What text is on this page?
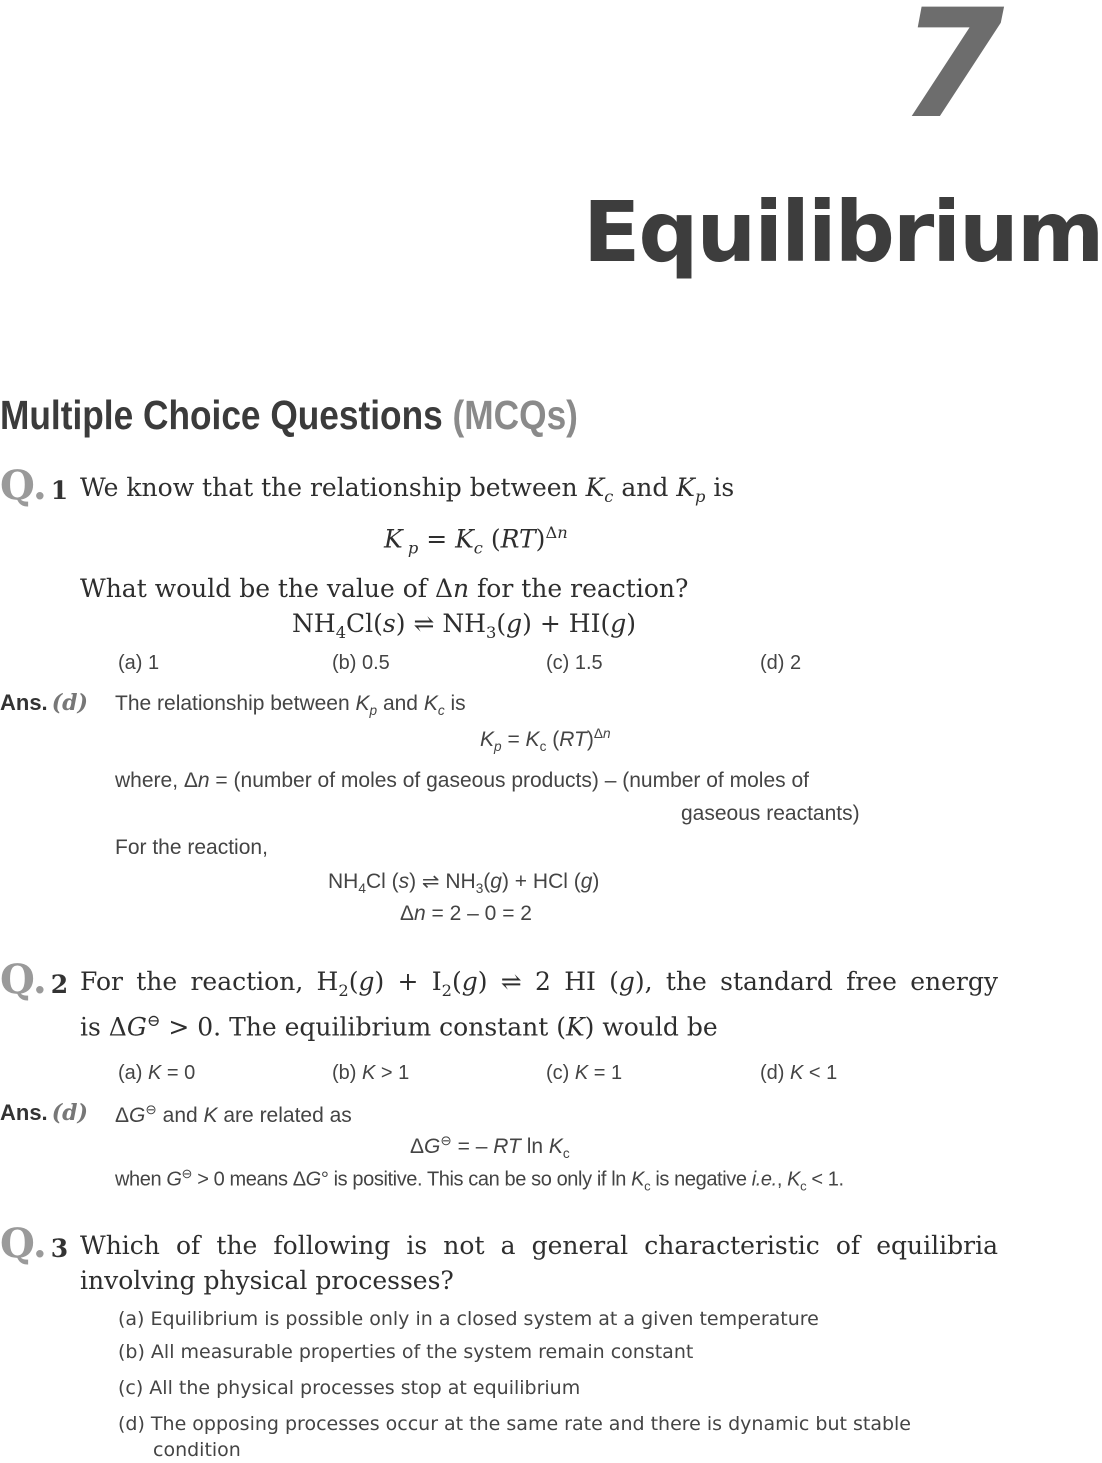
7
Equilibrium
Multiple Choice Questions (MCQs)
Q. 1 We know that the relationship between $K_c$ and $K_p$ is
K $_p = K_c$ (RT)$^{\Delta n}$
What would be the value of Δn for the reaction?
$NH_4Cl(s)$ ⇌ $NH_3(g) + HI(g)$
(a) 1	(b) 0.5	(c) 1.5	(d) 2
Ans. (d) The relationship between $K_p$ and $K_c$ is
$K_p = K_c$ (RT)$^{\Delta n}$
where, Δn = (number of moles of gaseous products) – (number of moles of
gaseous reactants)
For the reaction,
$NH_4Cl$ (s) ⇌ $NH_3(g)$ + HCl (g)
Δn = 2 – 0 = 2
Q. 2 For the reaction, $H_2(g) + I_2(g)$ ⇌ 2 HI (g), the standard free energy
is ΔG⊖ > 0. The equilibrium constant (K) would be
(a) K = 0	(b) K > 1	(c) K = 1	(d) K < 1
Ans. (d) ΔG⊖ and K are related as
ΔG⊖ = – RT $\ln K_c$
when G⊖ > 0 means ΔG° is positive. This can be so only if $\ln K_c$ is negative i.e., $K_c < 1$.
Q. 3 Which of the following is not a general characteristic of equilibria
involving physical processes?
(a) Equilibrium is possible only in a closed system at a given temperature
(b) All measurable properties of the system remain constant
(c) All the physical processes stop at equilibrium
(d) The opposing processes occur at the same rate and there is dynamic but stable condition
